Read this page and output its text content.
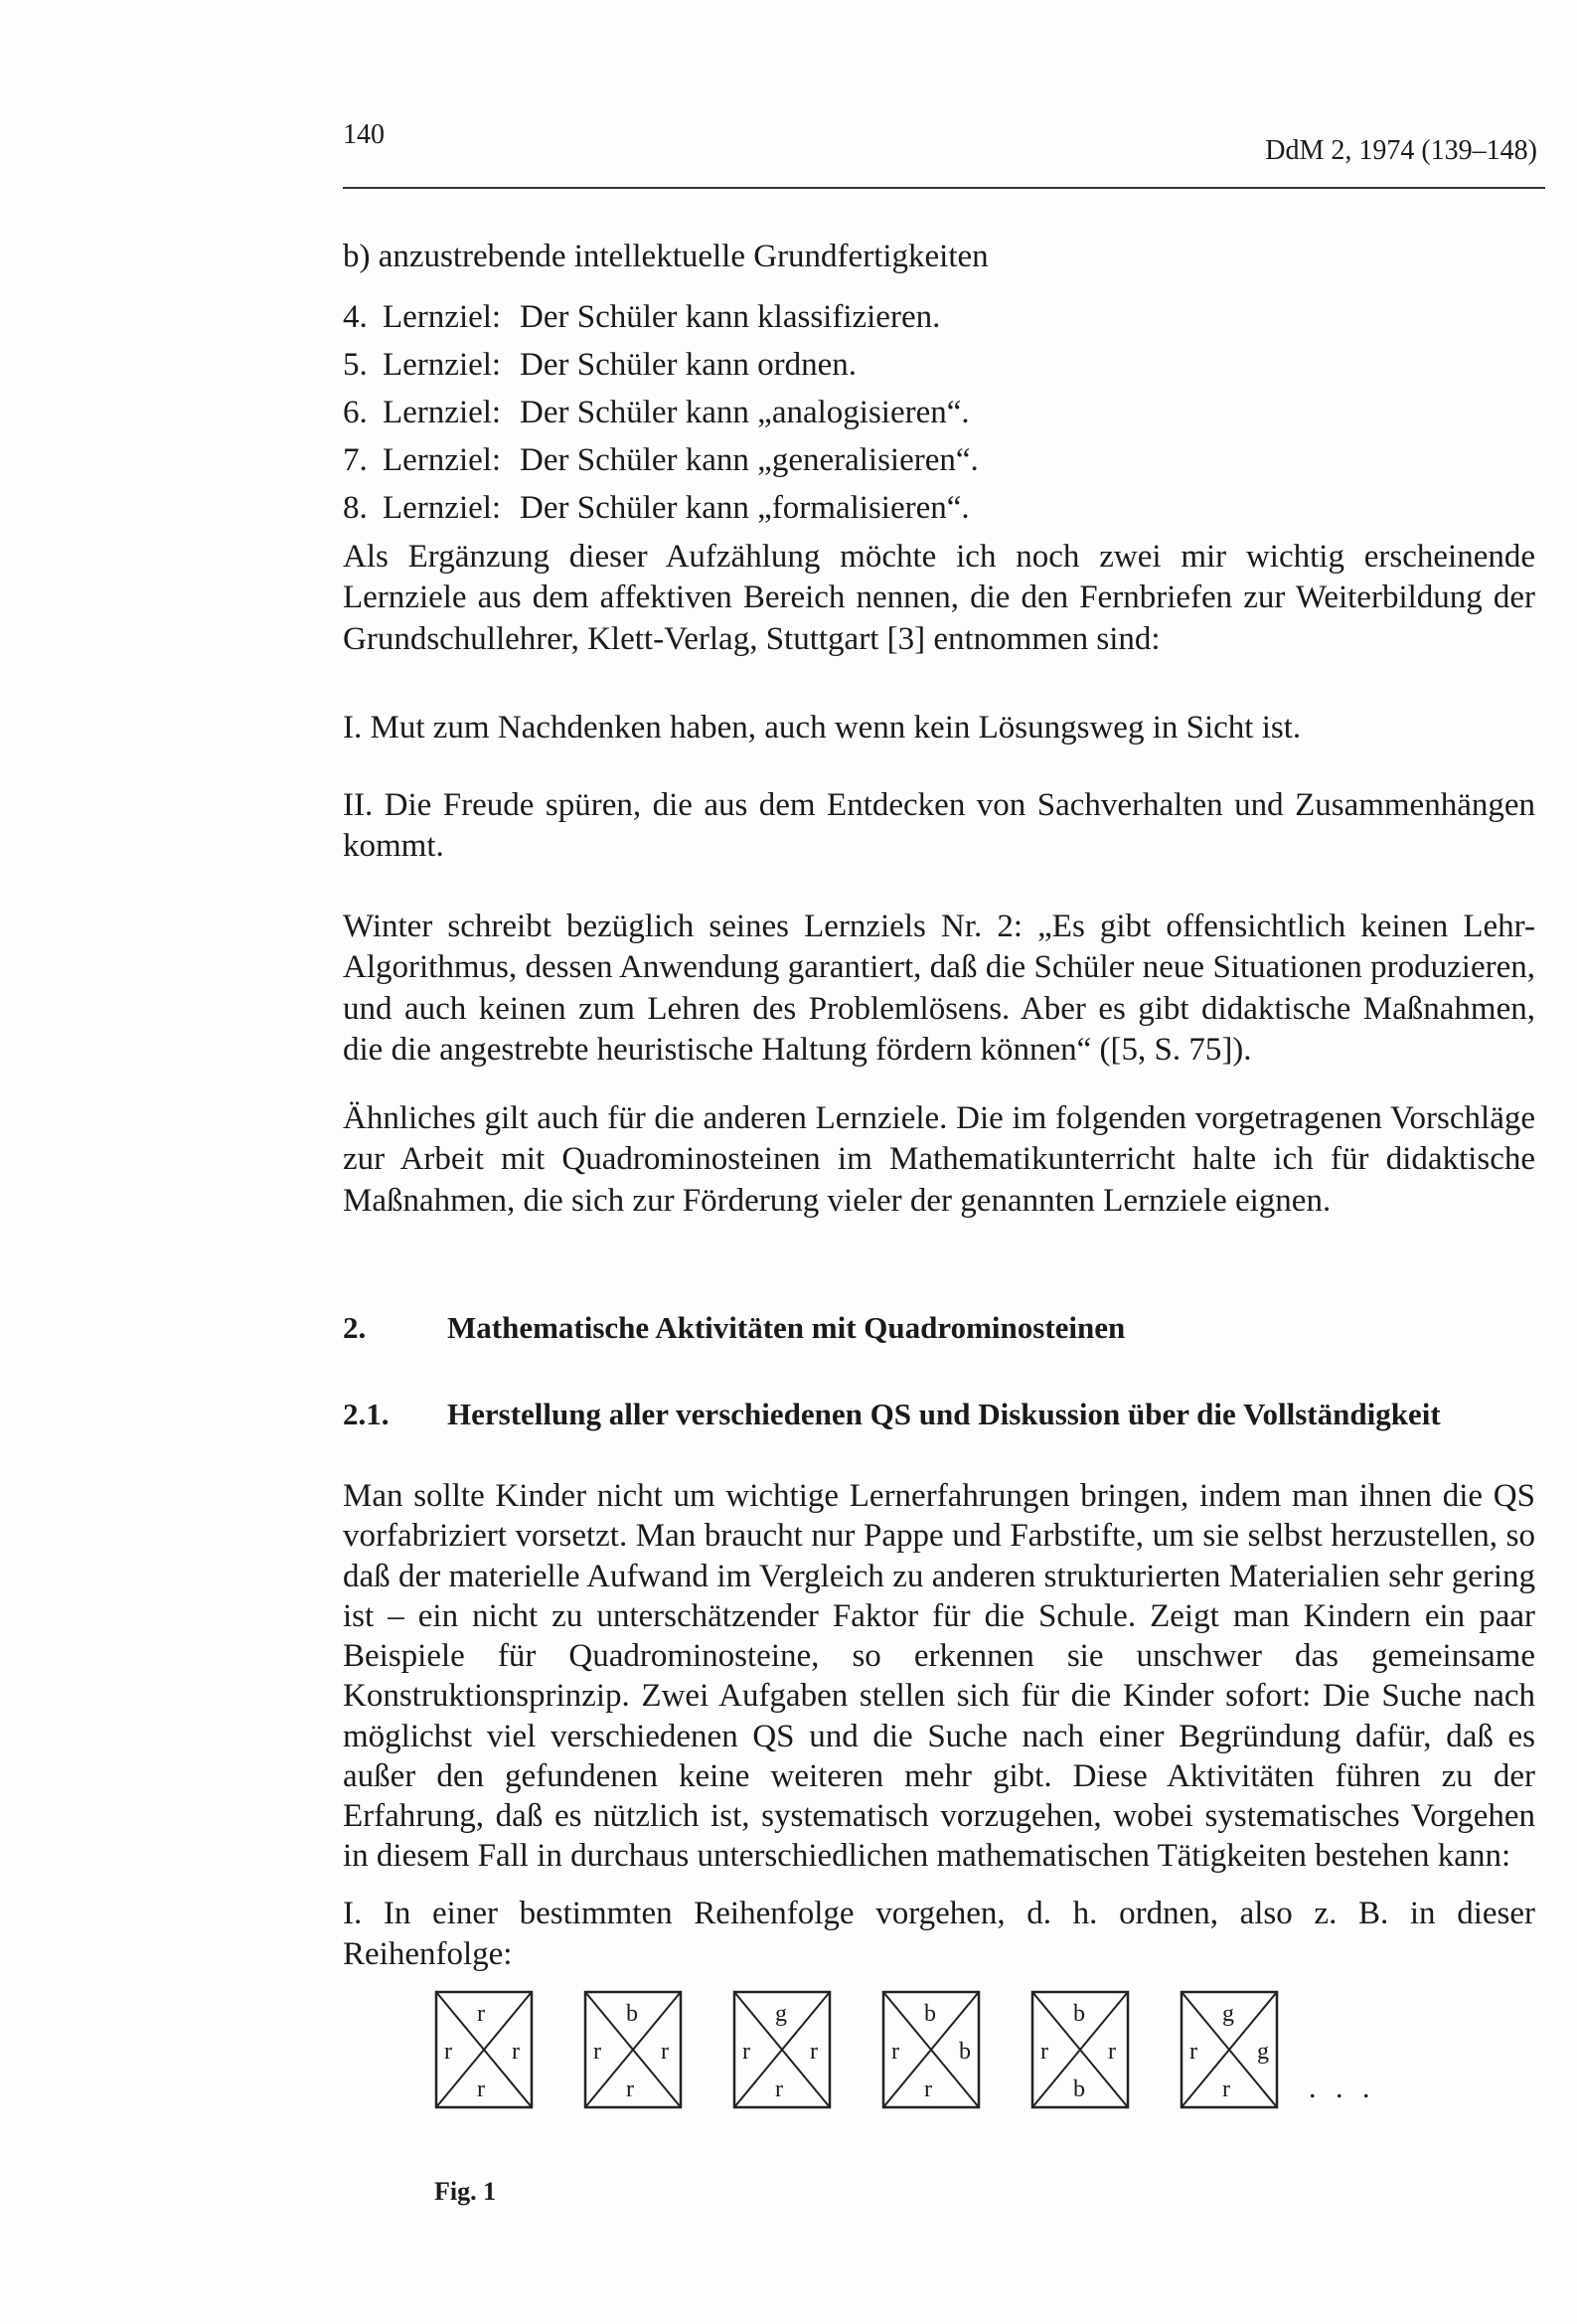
140
DdM 2, 1974 (139–148)
b) anzustrebende intellektuelle Grundfertigkeiten
4. Lernziel: Der Schüler kann klassifizieren.
5. Lernziel: Der Schüler kann ordnen.
6. Lernziel: Der Schüler kann „analogisieren“.
7. Lernziel: Der Schüler kann „generalisieren“.
8. Lernziel: Der Schüler kann „formalisieren“.

Als Ergänzung dieser Aufzählung möchte ich noch zwei mir wichtig erscheinende Lernziele aus dem affektiven Bereich nennen, die den Fernbriefen zur Weiterbildung der Grundschullehrer, Klett-Verlag, Stuttgart [3] entnommen sind:

I. Mut zum Nachdenken haben, auch wenn kein Lösungsweg in Sicht ist.

II. Die Freude spüren, die aus dem Entdecken von Sachverhalten und Zusammenhängen kommt.

Winter schreibt bezüglich seines Lernziels Nr. 2: „Es gibt offensichtlich keinen Lehr-Algorithmus, dessen Anwendung garantiert, daß die Schüler neue Situationen produzieren, und auch keinen zum Lehren des Problemlösens. Aber es gibt didaktische Maßnahmen, die die angestrebte heuristische Haltung fördern können“ ([5, S. 75]).

Ähnliches gilt auch für die anderen Lernziele. Die im folgenden vorgetragenen Vorschläge zur Arbeit mit Quadrominosteinen im Mathematikunterricht halte ich für didaktische Maßnahmen, die sich zur Förderung vieler der genannten Lernziele eignen.

2.	Mathematische Aktivitäten mit Quadrominosteinen
2.1.	Herstellung aller verschiedenen QS und Diskussion über die Vollständigkeit

Man sollte Kinder nicht um wichtige Lernerfahrungen bringen, indem man ihnen die QS vorfabriziert vorsetzt. Man braucht nur Pappe und Farbstifte, um sie selbst herzustellen, so daß der materielle Aufwand im Vergleich zu anderen strukturierten Materialien sehr gering ist – ein nicht zu unterschätzender Faktor für die Schule. Zeigt man Kindern ein paar Beispiele für Quadrominosteine, so erkennen sie unschwer das gemeinsame Konstruktionsprinzip. Zwei Aufgaben stellen sich für die Kinder sofort: Die Suche nach möglichst viel verschiedenen QS und die Suche nach einer Begründung dafür, daß es außer den gefundenen keine weiteren mehr gibt. Diese Aktivitäten führen zu der Erfahrung, daß es nützlich ist, systematisch vorzugehen, wobei systematisches Vorgehen in diesem Fall in durchaus unterschiedlichen mathematischen Tätigkeiten bestehen kann:

I. In einer bestimmten Reihenfolge vorgehen, d. h. ordnen, also z. B. in dieser Reihenfolge:

r
r	r
r
b
r	r
r
g
r	r
r
b
r	b
r
b
r	r
b
g
r	g
r	. . .
Fig. 1
